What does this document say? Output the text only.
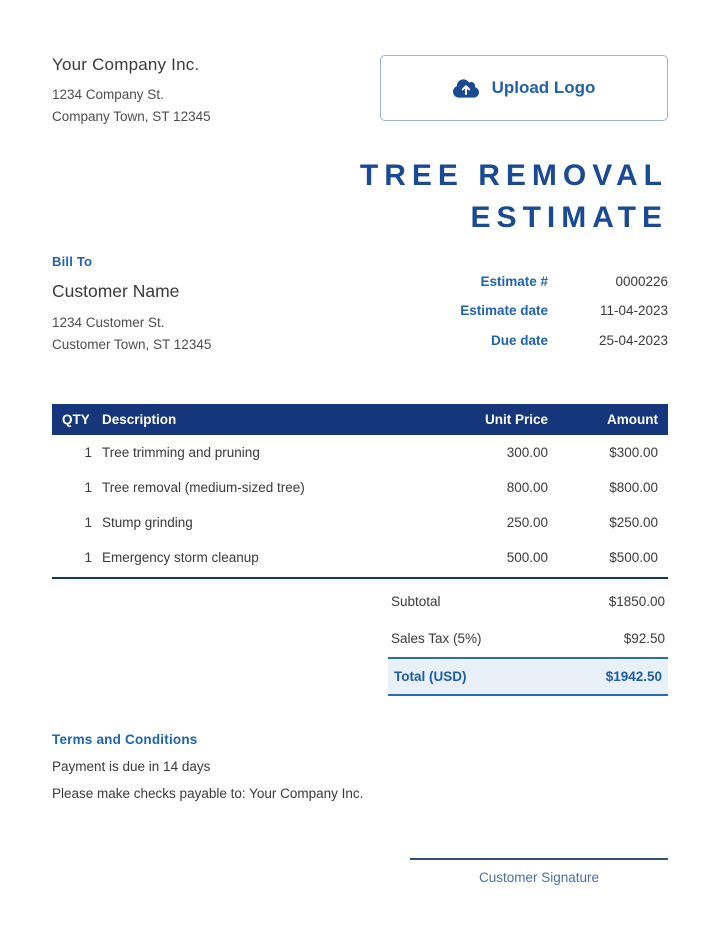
Your Company Inc.
1234 Company St.
Company Town, ST 12345
Upload Logo
TREE REMOVAL
ESTIMATE
Bill To
Customer Name
1234 Customer St.
Customer Town, ST 12345
Estimate #	0000226
Estimate date	11-04-2023
Due date	25-04-2023
QTY Description	Unit Price	Amount
1 Tree trimming and pruning	300.00	$300.00
1 Tree removal (medium-sized tree)	800.00	$800.00
1 Stump grinding	250.00	$250.00
1 Emergency storm cleanup	500.00	$500.00
Subtotal	$1850.00
Sales Tax (5%)	$92.50
Total (USD)	$1942.50
Terms and Conditions
Payment is due in 14 days
Please make checks payable to: Your Company Inc.
Customer Signature
